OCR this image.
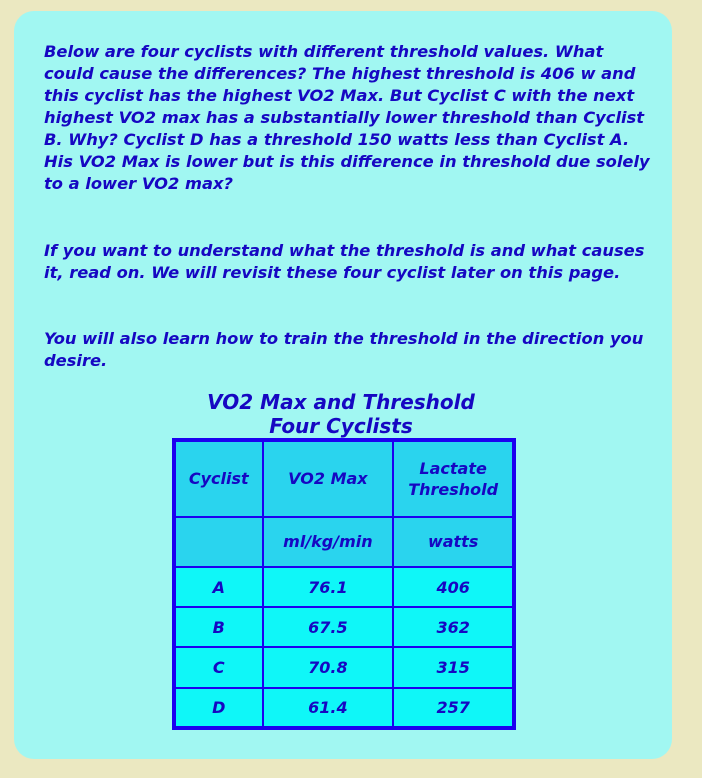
Below are four cyclists with different threshold values. What could cause the differences? The highest threshold is 406 w and this cyclist has the highest VO2 Max. But Cyclist C with the next highest VO2 max has a substantially lower threshold than Cyclist B. Why? Cyclist D has a threshold 150 watts less than Cyclist A. His VO2 Max is lower but is this difference in threshold due solely to a lower VO2 max?

If you want to understand what the threshold is and what causes it, read on. We will revisit these four cyclist later on this page.

You will also learn how to train the threshold in the direction you desire.

VO2 Max and Threshold
Four Cyclists
Cyclist	VO2 Max	Lactate Threshold
	ml/kg/min	watts
A	76.1	406
B	67.5	362
C	70.8	315
D	61.4	257
